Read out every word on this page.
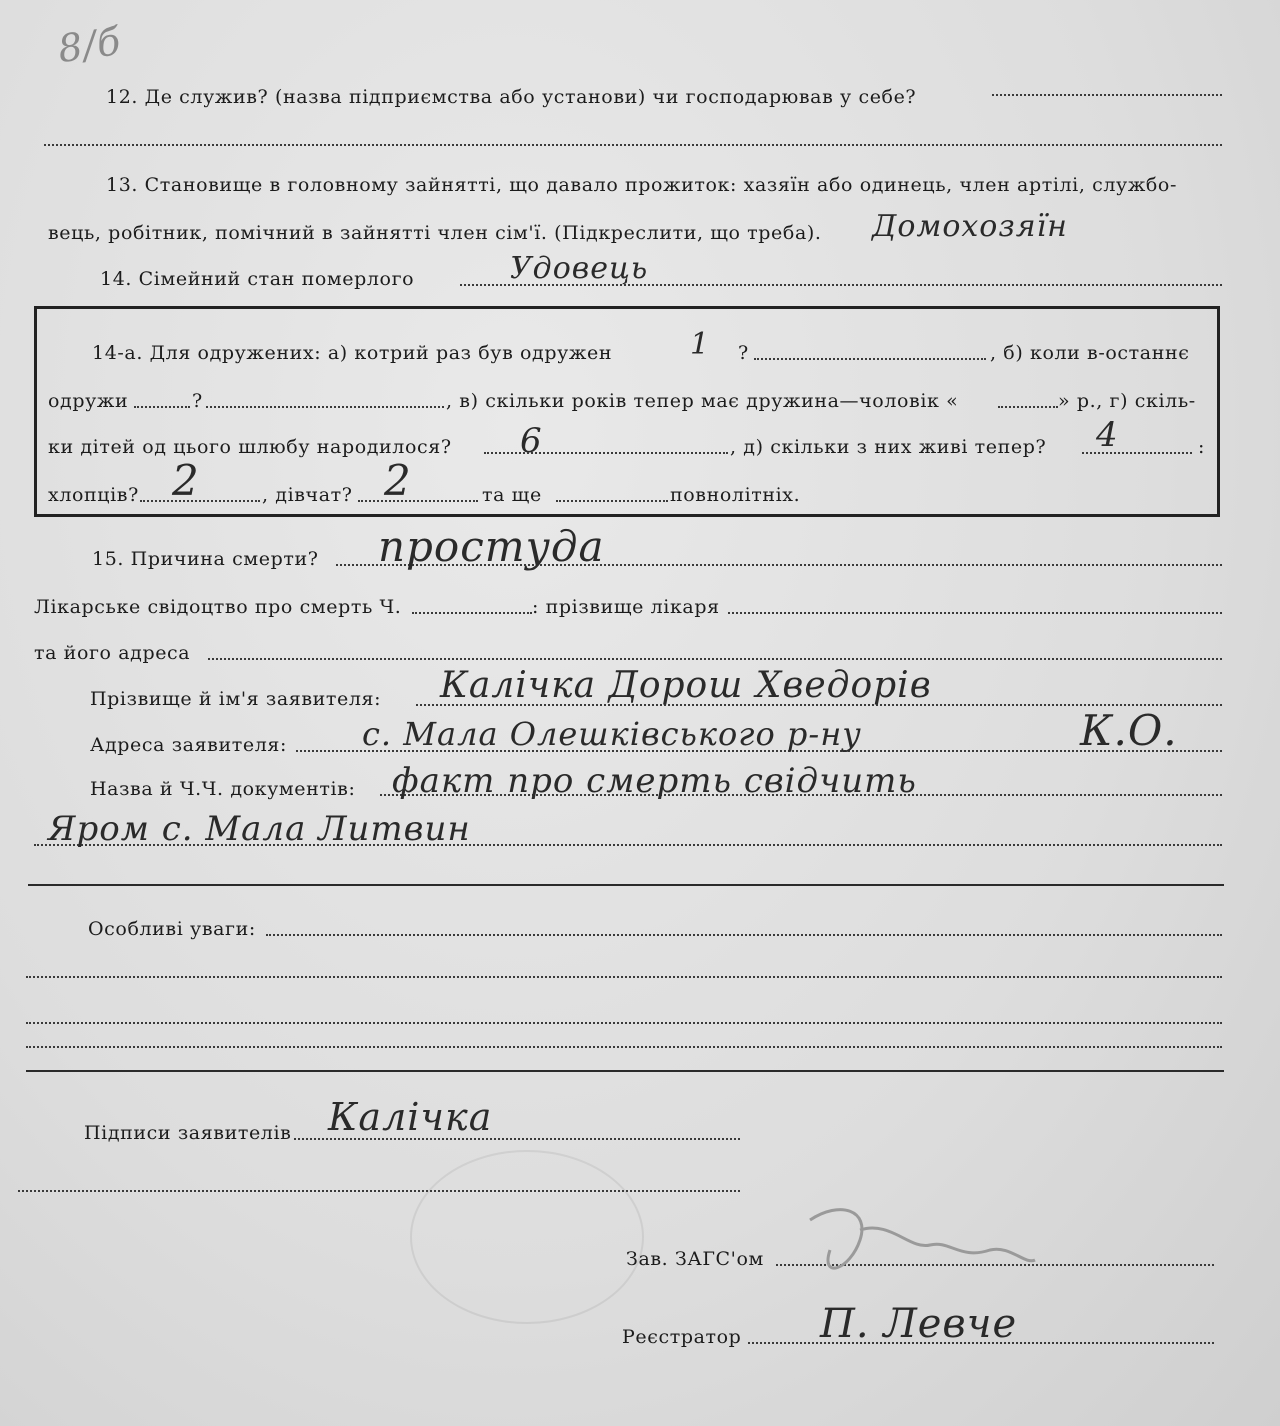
8/б
12. Де служив? (назва підприємства або установи) чи господарював у себе?
13. Становище в головному зайнятті, що давало прожиток: хазяїн або одинець, член артілі, службо-
вець, робітник, помічний в зайнятті член сім'ї. (Підкреслити, що треба). Домохозяїн
14. Сімейний стан померлого	Удовець
14-а. Для одружених: а) котрий раз був одружен	1 ?	, б) коли в-останнє
одружи	?	, в) скільки років тепер має дружина—чоловік «	» р., г) скіль-
ки дітей од цього шлюбу народилося? 6	, д) скільки з них живі тепер? 4	:
хлопців? 2	, дівчат? 2	та ще	повнолітніх.
15. Причина смерти? простуда
Лікарське свідоцтво про смерть Ч.	: прізвище лікаря
та його адреса
Прізвище й ім'я заявителя: Калічка Дорош Хведорів
Адреса заявителя: с. Мала Олешківського р-ну	К.О.
Назва й Ч.Ч. документів: факт про смерть свідчить
Яром с. Мала Литвин
Особливі уваги:
Підписи заявителів Калічка
Зав. ЗАГС'ом
Реєстратор П. Левче
